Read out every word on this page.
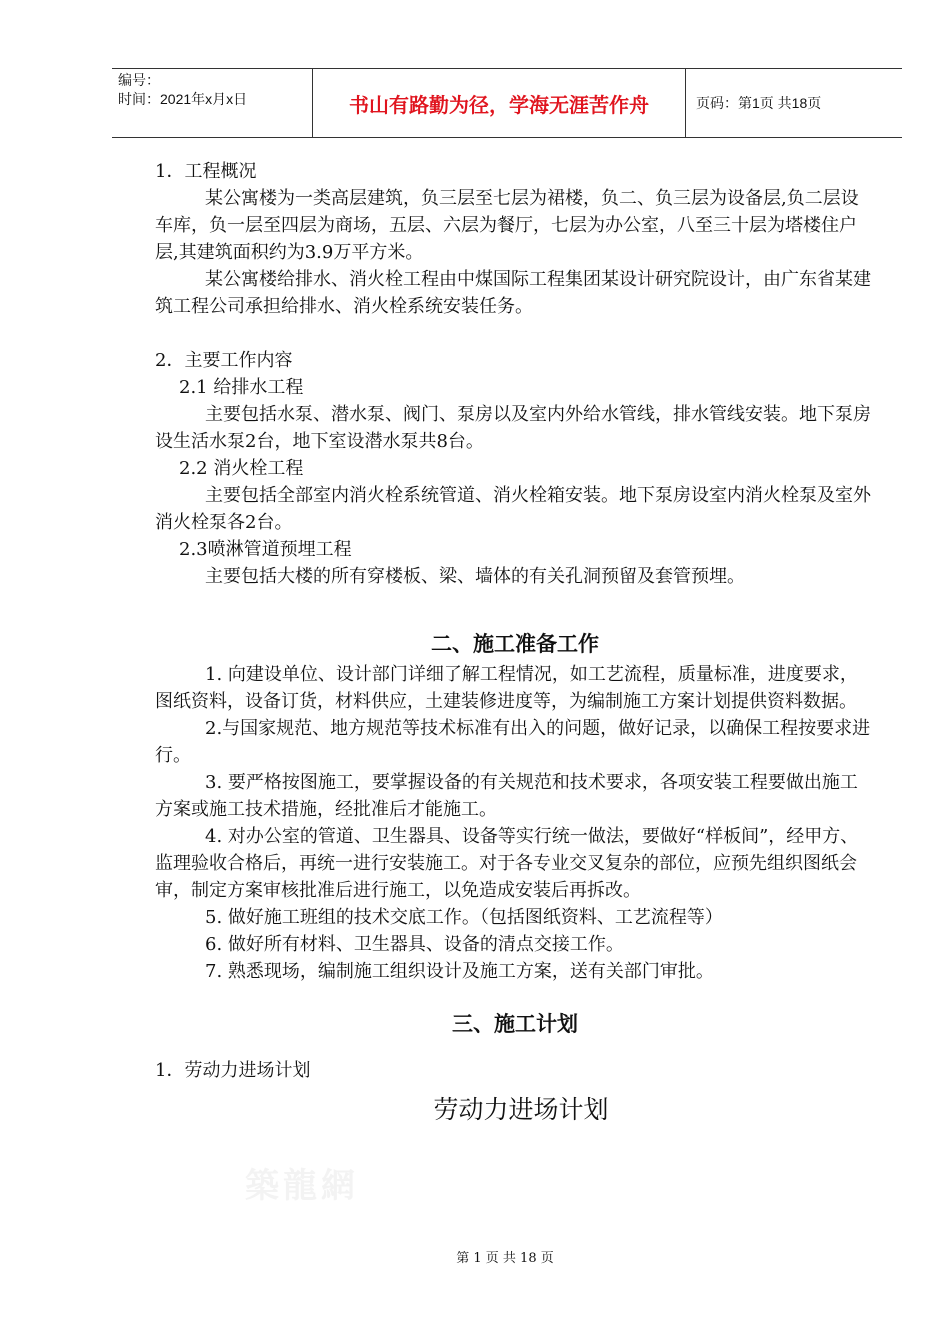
编号：
时间：2021年x月x日	书山有路勤为径，学海无涯苦作舟	页码：第1页 共18页

1．工程概况

某公寓楼为一类高层建筑，负三层至七层为裙楼，负二、负三层为设备层,负二层设车库，负一层至四层为商场，五层、六层为餐厅，七层为办公室，八至三十层为塔楼住户层,其建筑面积约为3.9万平方米。

某公寓楼给排水、消火栓工程由中煤国际工程集团某设计研究院设计，由广东省某建筑工程公司承担给排水、消火栓系统安装任务。

2．主要工作内容

2.1 给排水工程

主要包括水泵、潜水泵、阀门、泵房以及室内外给水管线，排水管线安装。地下泵房设生活水泵2台，地下室设潜水泵共8台。

2.2 消火栓工程

主要包括全部室内消火栓系统管道、消火栓箱安装。地下泵房设室内消火栓泵及室外消火栓泵各2台。

2.3喷淋管道预埋工程

主要包括大楼的所有穿楼板、梁、墙体的有关孔洞预留及套管预埋。

二、施工准备工作

1. 向建设单位、设计部门详细了解工程情况，如工艺流程，质量标准，进度要求，图纸资料，设备订货，材料供应，土建装修进度等，为编制施工方案计划提供资料数据。

2.与国家规范、地方规范等技术标准有出入的问题，做好记录，以确保工程按要求进行。

3. 要严格按图施工，要掌握设备的有关规范和技术要求，各项安装工程要做出施工方案或施工技术措施，经批准后才能施工。

4. 对办公室的管道、卫生器具、设备等实行统一做法，要做好“样板间”，经甲方、监理验收合格后，再统一进行安装施工。对于各专业交叉复杂的部位，应预先组织图纸会审，制定方案审核批准后进行施工，以免造成安装后再拆改。

5. 做好施工班组的技术交底工作。（包括图纸资料、工艺流程等）

6. 做好所有材料、卫生器具、设备的清点交接工作。

7. 熟悉现场，编制施工组织设计及施工方案，送有关部门审批。

三、施工计划

1．劳动力进场计划

劳动力进场计划

築龍網
第 1 页 共 18 页
